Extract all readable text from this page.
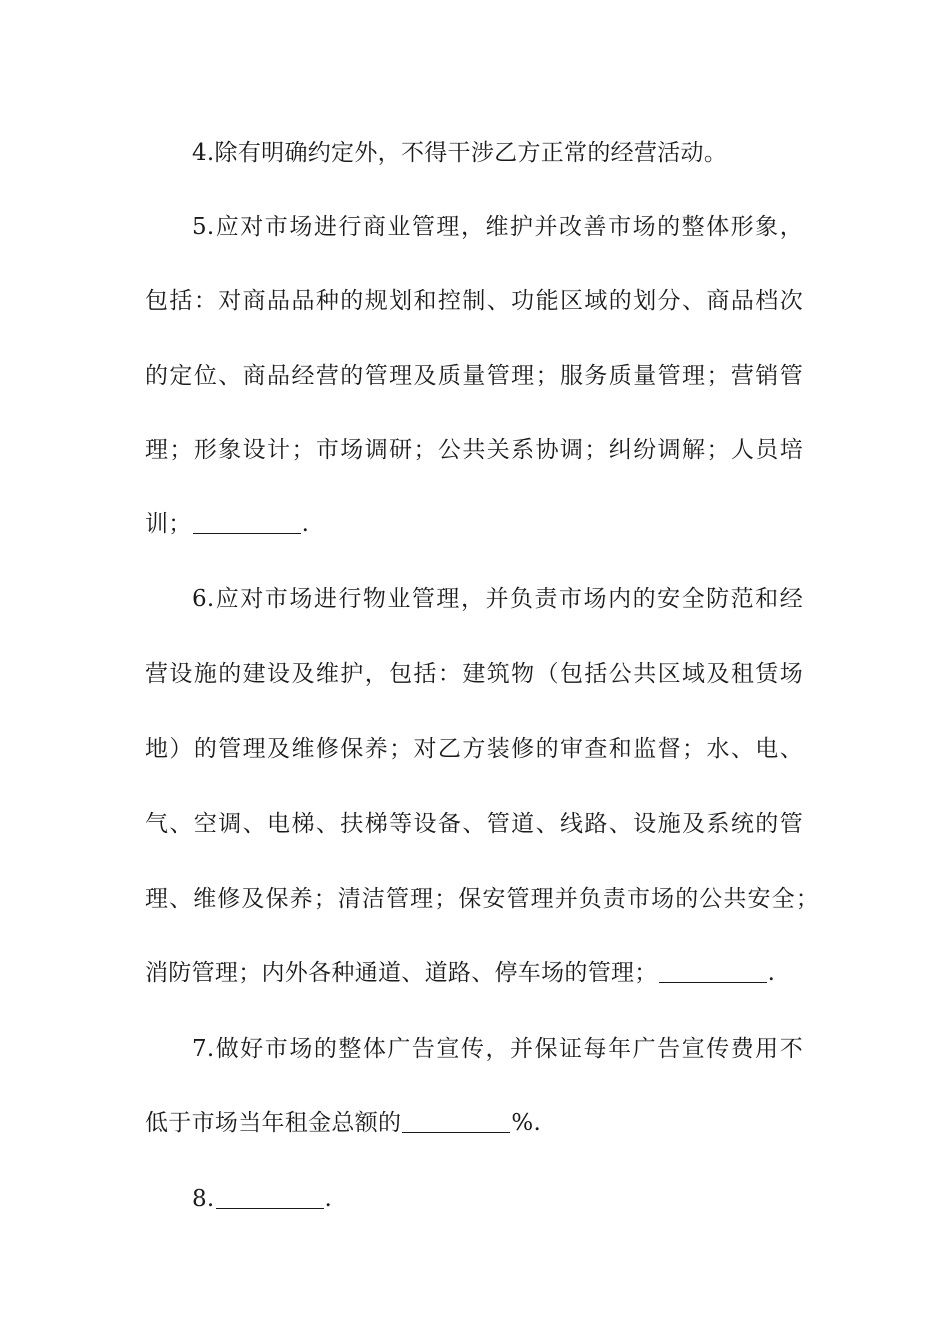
4.除有明确约定外，不得干涉乙方正常的经营活动。
5.应对市场进行商业管理，维护并改善市场的整体形象，
包括：对商品品种的规划和控制、功能区域的划分、商品档次
的定位、商品经营的管理及质量管理；服务质量管理；营销管
理；形象设计；市场调研；公共关系协调；纠纷调解；人员培
训；	.
6.应对市场进行物业管理，并负责市场内的安全防范和经
营设施的建设及维护，包括：建筑物（包括公共区域及租赁场
地）的管理及维修保养；对乙方装修的审查和监督；水、电、
气、空调、电梯、扶梯等设备、管道、线路、设施及系统的管
理、维修及保养；清洁管理；保安管理并负责市场的公共安全；
消防管理；内外各种通道、道路、停车场的管理；	.
7.做好市场的整体广告宣传，并保证每年广告宣传费用不
低于市场当年租金总额的	%.
8.	.
